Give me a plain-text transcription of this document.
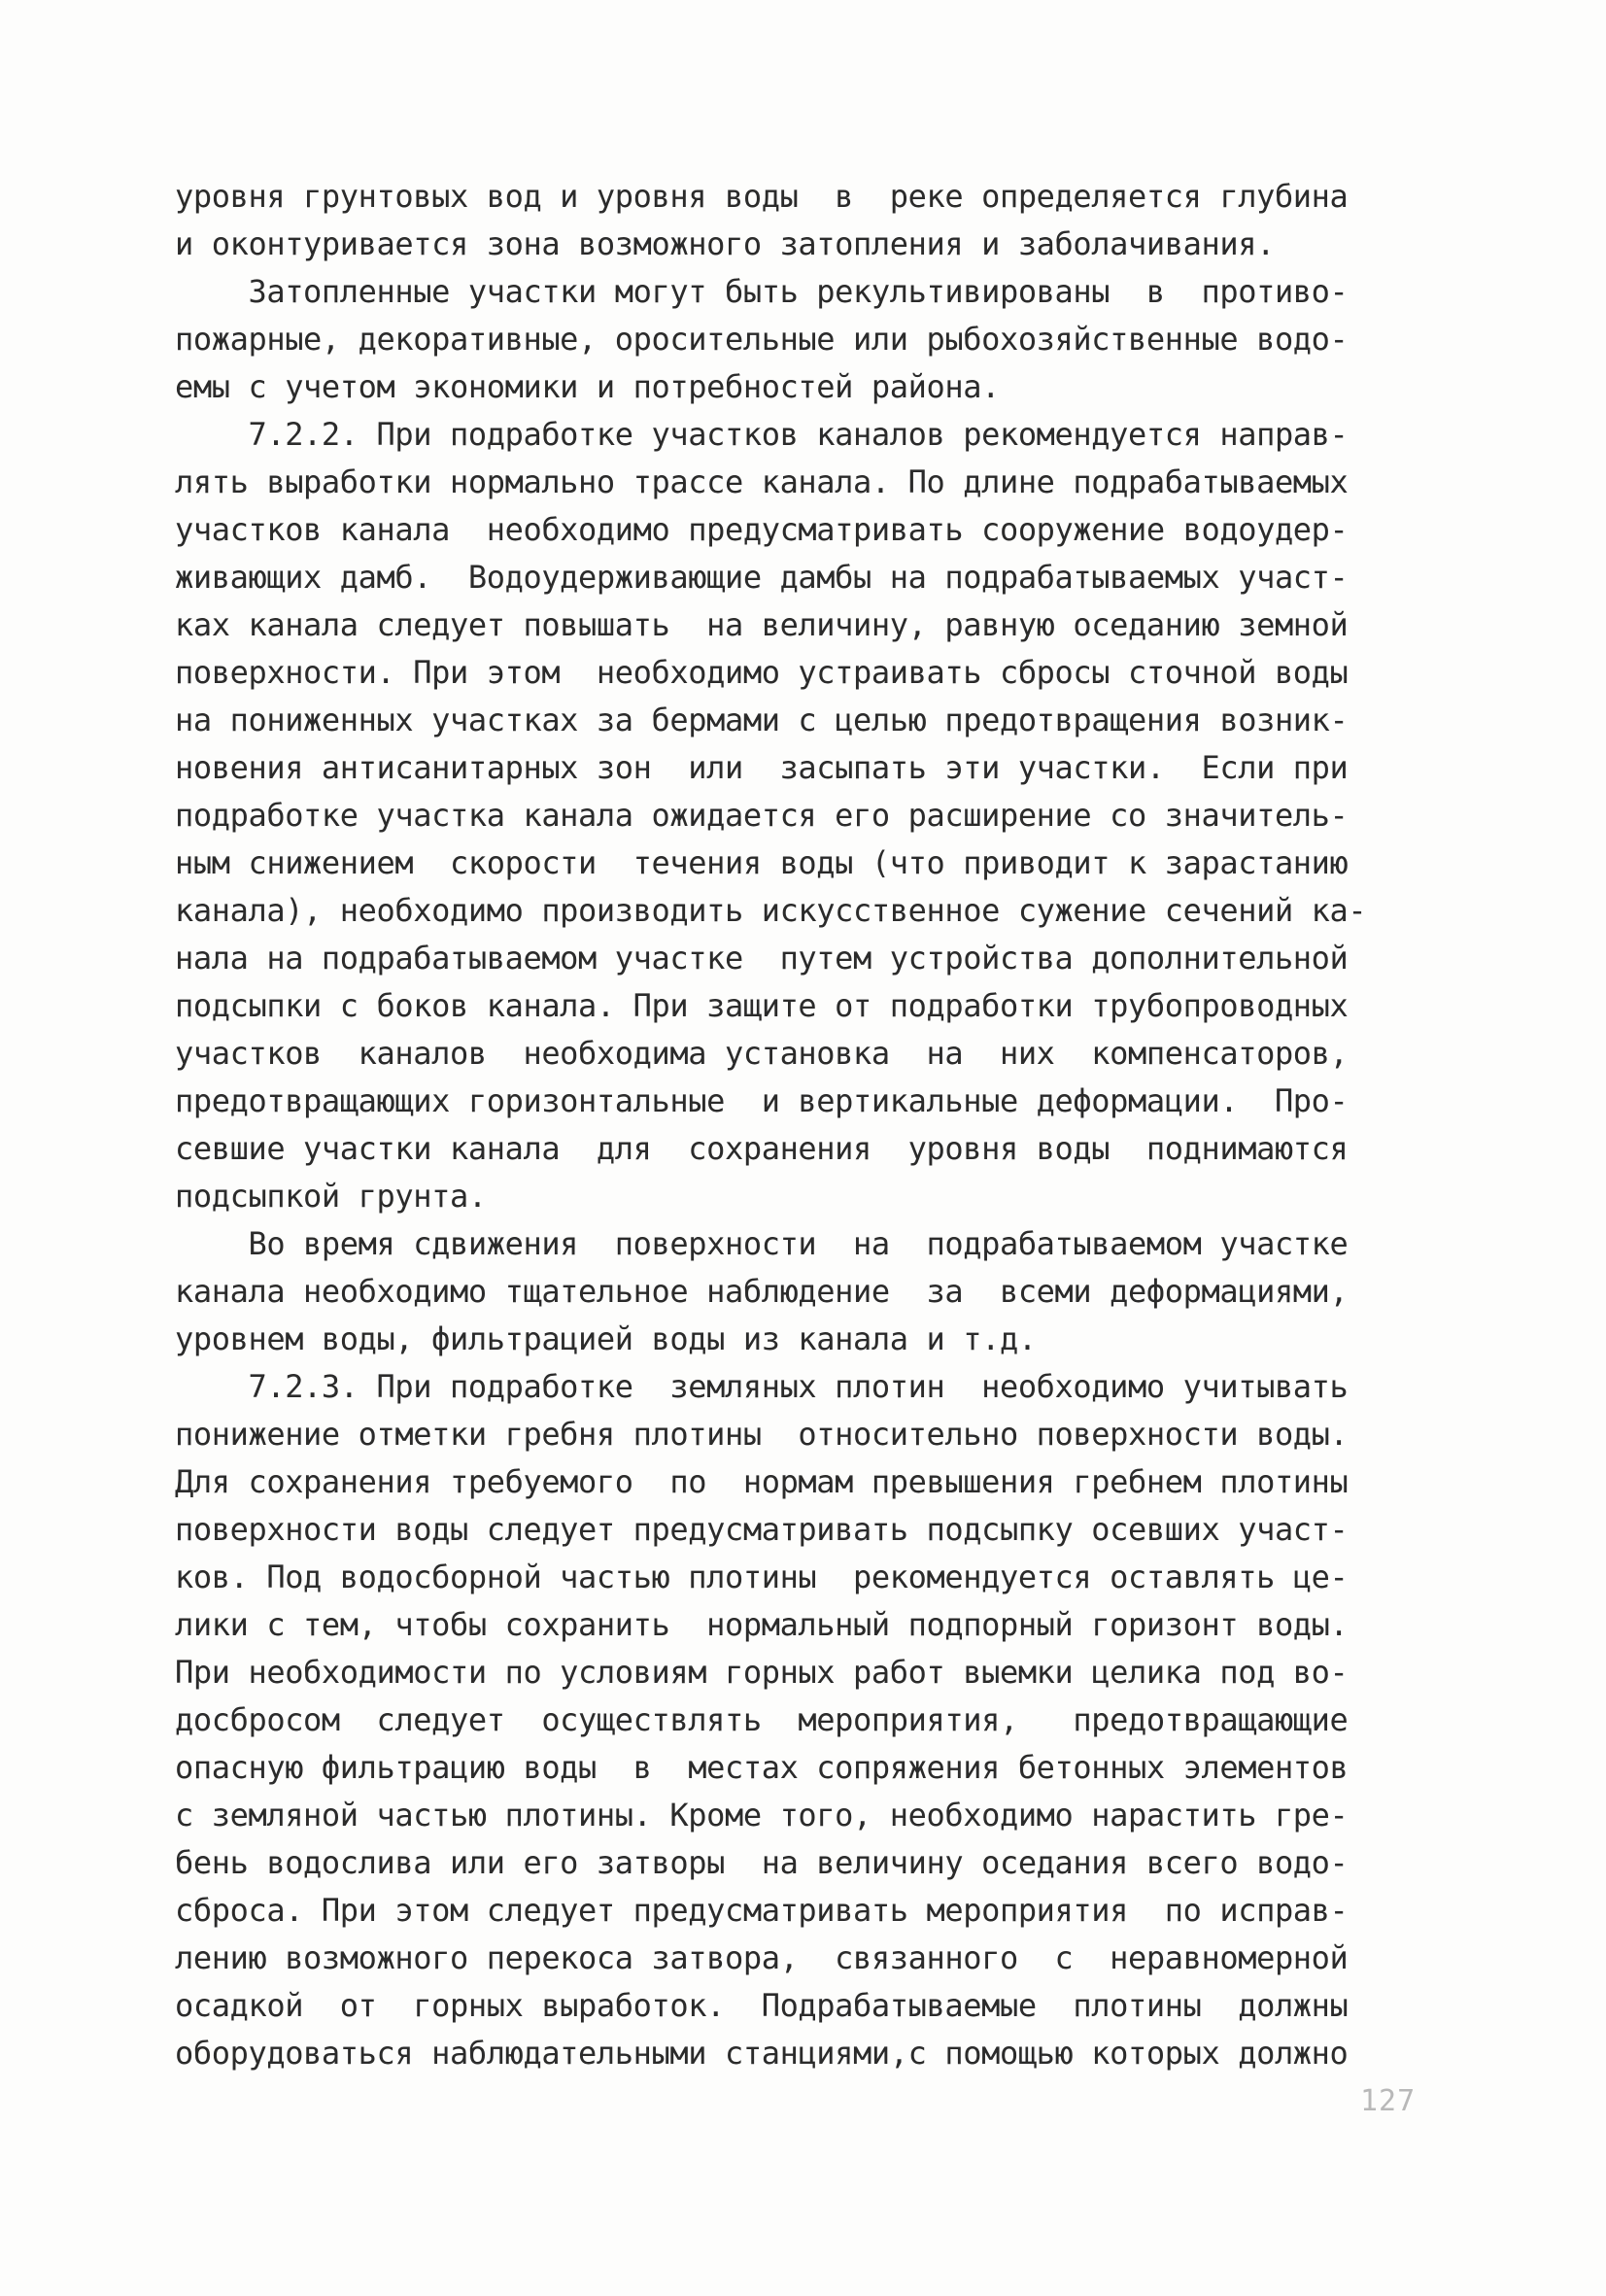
уровня грунтовых вод и уровня воды  в  реке определяется глубина
и оконтуривается зона возможного затопления и заболачивания.
Затопленные участки могут быть рекультивированы  в  противо-
пожарные, декоративные, оросительные или рыбохозяйственные водо-
емы с учетом экономики и потребностей района.
7.2.2. При подработке участков каналов рекомендуется направ-
лять выработки нормально трассе канала. По длине подрабатываемых
участков канала  необходимо предусматривать сооружение водоудер-
живающих дамб.  Водоудерживающие дамбы на подрабатываемых участ-
ках канала следует повышать  на величину, равную оседанию земной
поверхности. При этом  необходимо устраивать сбросы сточной воды
на пониженных участках за бермами с целью предотвращения возник-
новения антисанитарных зон  или  засыпать эти участки.  Если при
подработке участка канала ожидается его расширение со значитель-
ным снижением  скорости  течения воды (что приводит к зарастанию
канала), необходимо производить искусственное сужение сечений ка-
нала на подрабатываемом участке  путем устройства дополнительной
подсыпки с боков канала. При защите от подработки трубопроводных
участков  каналов  необходима установка  на  них  компенсаторов,
предотвращающих горизонтальные  и вертикальные деформации.  Про-
севшие участки канала  для  сохранения  уровня воды  поднимаются
подсыпкой грунта.
Во время сдвижения  поверхности  на  подрабатываемом участке
канала необходимо тщательное наблюдение  за  всеми деформациями,
уровнем воды, фильтрацией воды из канала и т.д.
7.2.3. При подработке  земляных плотин  необходимо учитывать
понижение отметки гребня плотины  относительно поверхности воды.
Для сохранения требуемого  по  нормам превышения гребнем плотины
поверхности воды следует предусматривать подсыпку осевших участ-
ков. Под водосборной частью плотины  рекомендуется оставлять це-
лики с тем, чтобы сохранить  нормальный подпорный горизонт воды.
При необходимости по условиям горных работ выемки целика под во-
досбросом  следует  осуществлять  мероприятия,   предотвращающие
опасную фильтрацию воды  в  местах сопряжения бетонных элементов
с земляной частью плотины. Кроме того, необходимо нарастить гре-
бень водослива или его затворы  на величину оседания всего водо-
сброса. При этом следует предусматривать мероприятия  по исправ-
лению возможного перекоса затвора,  связанного  с  неравномерной
осадкой  от  горных выработок.  Подрабатываемые  плотины  должны
оборудоваться наблюдательными станциями,с помощью которых должно
127
